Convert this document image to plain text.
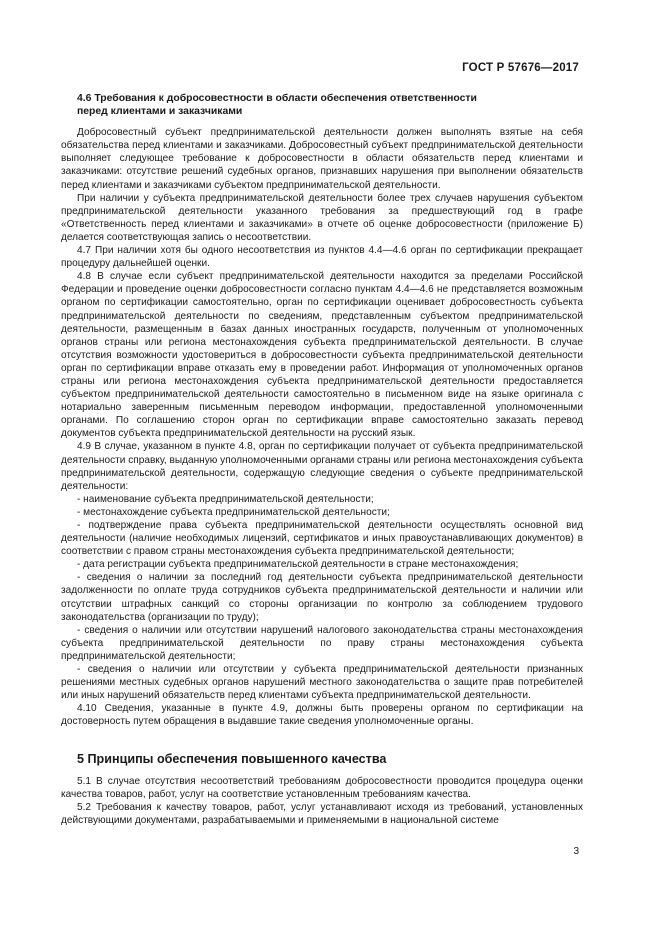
ГОСТ Р 57676—2017
4.6 Требования к добросовестности в области обеспечения ответственности
перед клиентами и заказчиками

Добросовестный субъект предпринимательской деятельности должен выполнять взятые на себя обязательства перед клиентами и заказчиками. Добросовестный субъект предпринимательской деятельности выполняет следующее требование к добросовестности в области обязательств перед клиентами и заказчиками: отсутствие решений судебных органов, признавших нарушения при выполнении обязательств перед клиентами и заказчиками субъектом предпринимательской деятельности.

При наличии у субъекта предпринимательской деятельности более трех случаев нарушения субъектом предпринимательской деятельности указанного требования за предшествующий год в графе «Ответственность перед клиентами и заказчиками» в отчете об оценке добросовестности (приложение Б) делается соответствующая запись о несоответствии.

4.7 При наличии хотя бы одного несоответствия из пунктов 4.4—4.6 орган по сертификации прекращает процедуру дальнейшей оценки.

4.8 В случае если субъект предпринимательской деятельности находится за пределами Российской Федерации и проведение оценки добросовестности согласно пунктам 4.4—4.6 не представляется возможным органом по сертификации самостоятельно, орган по сертификации оценивает добросовестность субъекта предпринимательской деятельности по сведениям, представленным субъектом предпринимательской деятельности, размещенным в базах данных иностранных государств, полученным от уполномоченных органов страны или региона местонахождения субъекта предпринимательской деятельности. В случае отсутствия возможности удостовериться в добросовестности субъекта предпринимательской деятельности орган по сертификации вправе отказать ему в проведении работ. Информация от уполномоченных органов страны или региона местонахождения субъекта предпринимательской деятельности предоставляется субъектом предпринимательской деятельности самостоятельно в письменном виде на языке оригинала с нотариально заверенным письменным переводом информации, предоставленной уполномоченными органами. По соглашению сторон орган по сертификации вправе самостоятельно заказать перевод документов субъекта предпринимательской деятельности на русский язык.

4.9 В случае, указанном в пункте 4.8, орган по сертификации получает от субъекта предпринимательской деятельности справку, выданную уполномоченными органами страны или региона местонахождения субъекта предпринимательской деятельности, содержащую следующие сведения о субъекте предпринимательской деятельности:

- наименование субъекта предпринимательской деятельности;

- местонахождение субъекта предпринимательской деятельности;

- подтверждение права субъекта предпринимательской деятельности осуществлять основной вид деятельности (наличие необходимых лицензий, сертификатов и иных правоустанавливающих документов) в соответствии с правом страны местонахождения субъекта предпринимательской деятельности;

- дата регистрации субъекта предпринимательской деятельности в стране местонахождения;

- сведения о наличии за последний год деятельности субъекта предпринимательской деятельности задолженности по оплате труда сотрудников субъекта предпринимательской деятельности и наличии или отсутствии штрафных санкций со стороны организации по контролю за соблюдением трудового законодательства (организации по труду);

- сведения о наличии или отсутствии нарушений налогового законодательства страны местонахождения субъекта предпринимательской деятельности по праву страны местонахождения субъекта предпринимательской деятельности;

- сведения о наличии или отсутствии у субъекта предпринимательской деятельности признанных решениями местных судебных органов нарушений местного законодательства о защите прав потребителей или иных нарушений обязательств перед клиентами субъекта предпринимательской деятельности.

4.10 Сведения, указанные в пункте 4.9, должны быть проверены органом по сертификации на достоверность путем обращения в выдавшие такие сведения уполномоченные органы.

5 Принципы обеспечения повышенного качества

5.1 В случае отсутствия несоответствий требованиям добросовестности проводится процедура оценки качества товаров, работ, услуг на соответствие установленным требованиям качества.

5.2 Требования к качеству товаров, работ, услуг устанавливают исходя из требований, установленных действующими документами, разрабатываемыми и применяемыми в национальной системе

3
